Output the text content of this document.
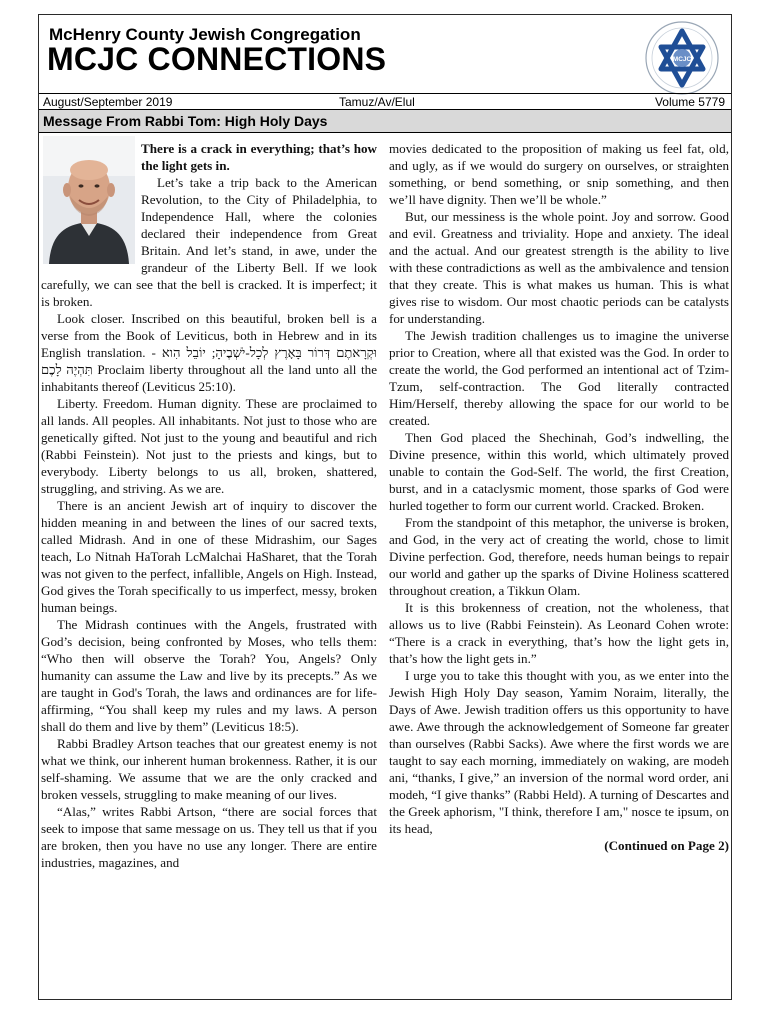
McHenry County Jewish Congregation
MCJC CONNECTIONS	MCJC
August/September 2019	Tamuz/Av/Elul	Volume 5779
Message From Rabbi Tom: High Holy Days

There is a crack in everything; that’s how the light gets in.

Let’s take a trip back to the American Revolution, to the City of Philadelphia, to Independence Hall, where the colonies declared their independence from Great Britain. And let’s stand, in awe, under the grandeur of the Liberty Bell. If we look carefully, we can see that the bell is cracked. It is imperfect; it is broken.

Look closer. Inscribed on this beautiful, broken bell is a verse from the Book of Leviticus, both in Hebrew and in its English translation. - וּקְרָאתֶם דְּרוֹר בָּאָרֶץ לְכָל-יֹשְׁבֶיהָ; יוֹבֵל הִוא תִּהְיֶה לָכֶם Proclaim liberty throughout all the land unto all the inhabitants thereof (Leviticus 25:10).

Liberty. Freedom. Human dignity. These are proclaimed to all lands. All peoples. All inhabitants. Not just to those who are genetically gifted. Not just to the young and beautiful and rich (Rabbi Feinstein). Not just to the priests and kings, but to everybody. Liberty belongs to us all, broken, shattered, struggling, and striving. As we are.

There is an ancient Jewish art of inquiry to discover the hidden meaning in and between the lines of our sacred texts, called Midrash. And in one of these Midrashim, our Sages teach, Lo Nitnah HaTorah LcMalchai HaSharet, that the Torah was not given to the perfect, infallible, Angels on High. Instead, God gives the Torah specifically to us imperfect, messy, broken human beings.

The Midrash continues with the Angels, frustrated with God’s decision, being confronted by Moses, who tells them: “Who then will observe the Torah? You, Angels? Only humanity can assume the Law and live by its precepts.” As we are taught in God's Torah, the laws and ordinances are for life-affirming, “You shall keep my rules and my laws. A person shall do them and live by them” (Leviticus 18:5).

Rabbi Bradley Artson teaches that our greatest enemy is not what we think, our inherent human brokenness. Rather, it is our self-shaming. We assume that we are the only cracked and broken vessels, struggling to make meaning of our lives.

“Alas,” writes Rabbi Artson, “there are social forces that seek to impose that same message on us. They tell us that if you are broken, then you have no use any longer. There are entire industries, magazines, and

movies dedicated to the proposition of making us feel fat, old, and ugly, as if we would do surgery on ourselves, or straighten something, or bend something, or snip something, and then we’ll have dignity. Then we’ll be whole.”

But, our messiness is the whole point. Joy and sorrow. Good and evil. Greatness and triviality. Hope and anxiety. The ideal and the actual. And our greatest strength is the ability to live with these contradictions as well as the ambivalence and tension that they create. This is what makes us human. This is what gives rise to wisdom. Our most chaotic periods can be catalysts for understanding.

The Jewish tradition challenges us to imagine the universe prior to Creation, where all that existed was the God. In order to create the world, the God performed an intentional act of Tzim-Tzum, self-contraction. The God literally contracted Him/Herself, thereby allowing the space for our world to be created.

Then God placed the Shechinah, God’s indwelling, the Divine presence, within this world, which ultimately proved unable to contain the God-Self. The world, the first Creation, burst, and in a cataclysmic moment, those sparks of God were hurled together to form our current world. Cracked. Broken.

From the standpoint of this metaphor, the universe is broken, and God, in the very act of creating the world, chose to limit Divine perfection. God, therefore, needs human beings to repair our world and gather up the sparks of Divine Holiness scattered throughout creation, a Tikkun Olam.

It is this brokenness of creation, not the wholeness, that allows us to live (Rabbi Feinstein). As Leonard Cohen wrote: “There is a crack in everything, that’s how the light gets in, that’s how the light gets in.”

I urge you to take this thought with you, as we enter into the Jewish High Holy Day season, Yamim Noraim, literally, the Days of Awe. Jewish tradition offers us this opportunity to have awe. Awe through the acknowledgement of Someone far greater than ourselves (Rabbi Sacks). Awe where the first words we are taught to say each morning, immediately on waking, are modeh ani, “thanks, I give,” an inversion of the normal word order, ani modeh, “I give thanks” (Rabbi Held). A turning of Descartes and the Greek aphorism, "I think, therefore I am," nosce te ipsum, on its head,

(Continued on Page 2)
